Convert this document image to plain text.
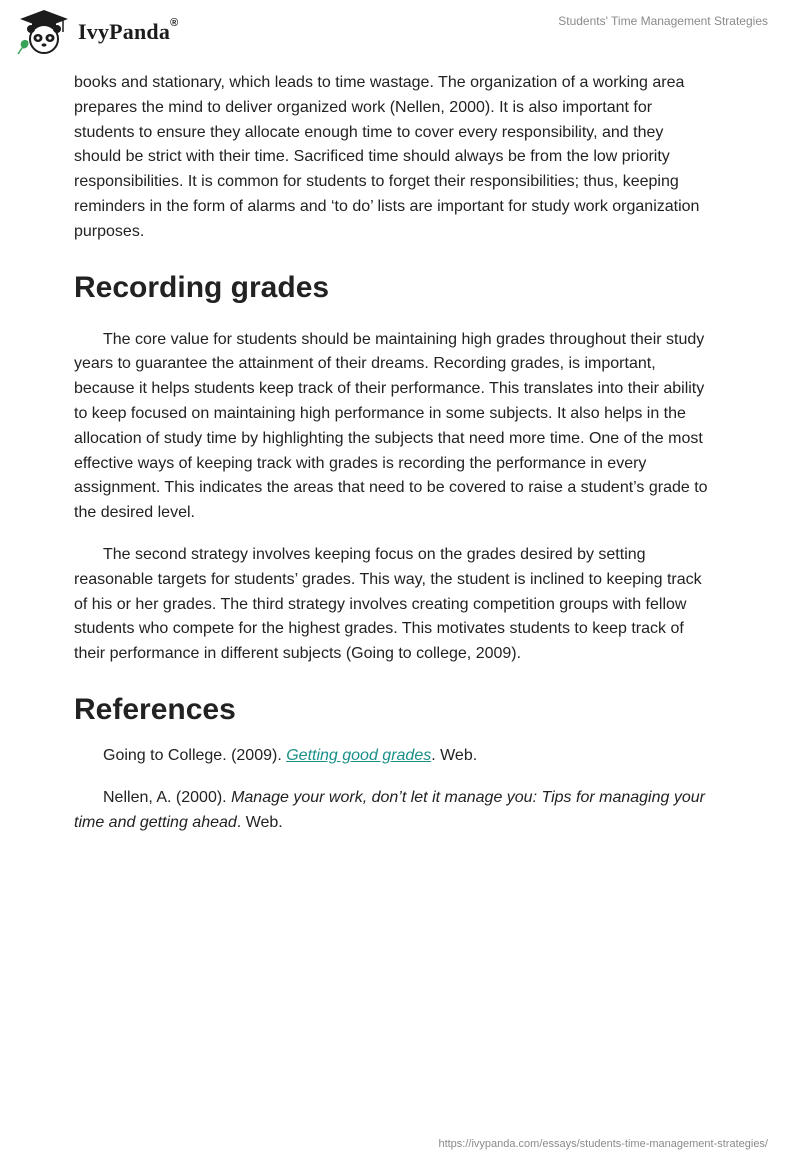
IvyPanda®	Students' Time Management Strategies

books and stationary, which leads to time wastage. The organization of a working area prepares the mind to deliver organized work (Nellen, 2000). It is also important for students to ensure they allocate enough time to cover every responsibility, and they should be strict with their time. Sacrificed time should always be from the low priority responsibilities. It is common for students to forget their responsibilities; thus, keeping reminders in the form of alarms and ‘to do’ lists are important for study work organization purposes.

Recording grades

The core value for students should be maintaining high grades throughout their study years to guarantee the attainment of their dreams. Recording grades, is important, because it helps students keep track of their performance. This translates into their ability to keep focused on maintaining high performance in some subjects. It also helps in the allocation of study time by highlighting the subjects that need more time. One of the most effective ways of keeping track with grades is recording the performance in every assignment. This indicates the areas that need to be covered to raise a student’s grade to the desired level.

The second strategy involves keeping focus on the grades desired by setting reasonable targets for students’ grades. This way, the student is inclined to keeping track of his or her grades. The third strategy involves creating competition groups with fellow students who compete for the highest grades. This motivates students to keep track of their performance in different subjects (Going to college, 2009).

References

Going to College. (2009). Getting good grades. Web.

Nellen, A. (2000). Manage your work, don’t let it manage you: Tips for managing your time and getting ahead. Web.

https://ivypanda.com/essays/students-time-management-strategies/
